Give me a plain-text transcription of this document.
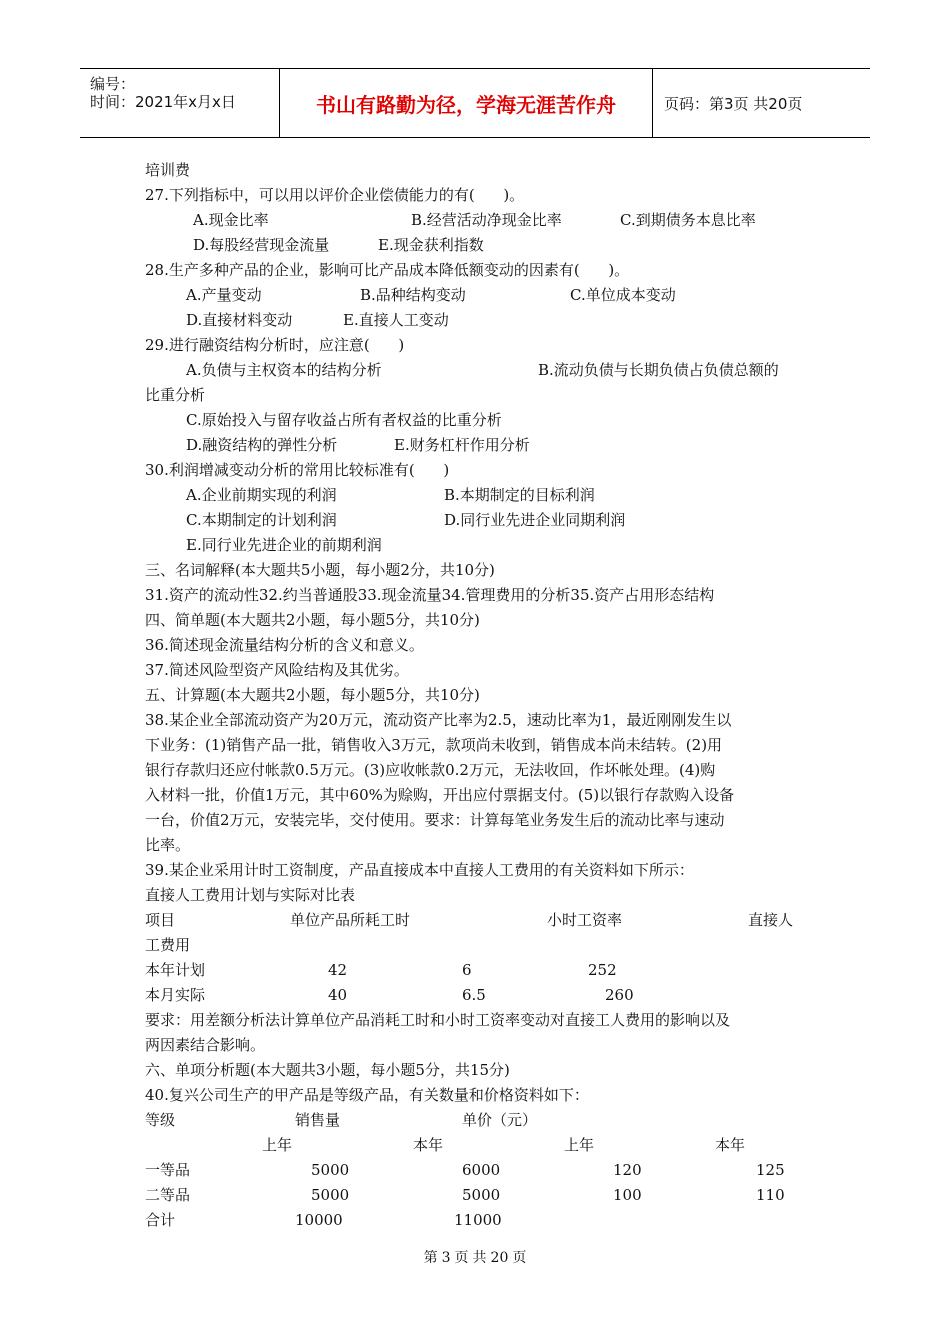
编号：
时间：2021年x月x日	书山有路勤为径，学海无涯苦作舟	页码：第3页 共20页
培训费
27.下列指标中，可以用以评价企业偿债能力的有(      )。
A.现金比率	B.经营活动净现金比率	C.到期债务本息比率
D.每股经营现金流量	E.现金获利指数
28.生产多种产品的企业，影响可比产品成本降低额变动的因素有(      )。
A.产量变动	B.品种结构变动	C.单位成本变动
D.直接材料变动	E.直接人工变动
29.进行融资结构分析时，应注意(      )
A.负债与主权资本的结构分析	B.流动负债与长期负债占负债总额的
比重分析
C.原始投入与留存收益占所有者权益的比重分析
D.融资结构的弹性分析	E.财务杠杆作用分析
30.利润增减变动分析的常用比较标准有(      )
A.企业前期实现的利润	B.本期制定的目标利润
C.本期制定的计划利润	D.同行业先进企业同期利润
E.同行业先进企业的前期利润
三、名词解释(本大题共5小题，每小题2分，共10分)
31.资产的流动性32.约当普通股33.现金流量34.管理费用的分析35.资产占用形态结构
四、简单题(本大题共2小题，每小题5分，共10分)
36.简述现金流量结构分析的含义和意义。
37.简述风险型资产风险结构及其优劣。
五、计算题(本大题共2小题，每小题5分，共10分)
38.某企业全部流动资产为20万元，流动资产比率为2.5，速动比率为1，最近刚刚发生以
下业务：(1)销售产品一批，销售收入3万元，款项尚未收到，销售成本尚未结转。(2)用
银行存款归还应付帐款0.5万元。(3)应收帐款0.2万元，无法收回，作坏帐处理。(4)购
入材料一批，价值1万元，其中60%为赊购，开出应付票据支付。(5)以银行存款购入设备
一台，价值2万元，安装完毕，交付使用。要求：计算每笔业务发生后的流动比率与速动
比率。
39.某企业采用计时工资制度，产品直接成本中直接人工费用的有关资料如下所示：
直接人工费用计划与实际对比表
项目	单位产品所耗工时	小时工资率	直接人
工费用
本年计划	42	6	252
本月实际	40	6.5	260
要求：用差额分析法计算单位产品消耗工时和小时工资率变动对直接工人费用的影响以及
两因素结合影响。
六、单项分析题(本大题共3小题，每小题5分，共15分)
40.复兴公司生产的甲产品是等级产品，有关数量和价格资料如下：
等级	销售量	单价（元）
上年	本年	上年	本年
一等品	5000	6000	120	125
二等品	5000	5000	100	110
合计	10000	11000
第 3 页 共 20 页
